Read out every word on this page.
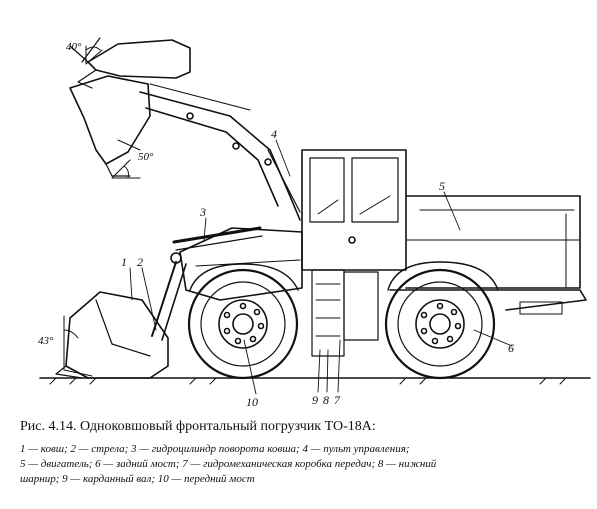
1 2
3
4
5
6
7
8
9
10
40°
50°
43°
Рис. 4.14. Одноковшовый фронтальный погрузчик ТО-18А:
1 — ковш; 2 — стрела; 3 — гидроцилиндр поворота ковша; 4 — пульт управления;
5 — двигатель; 6 — задний мост; 7 — гидромеханическая коробка передач; 8 — нижний
шарнир; 9 — карданный вал; 10 — передний мост
